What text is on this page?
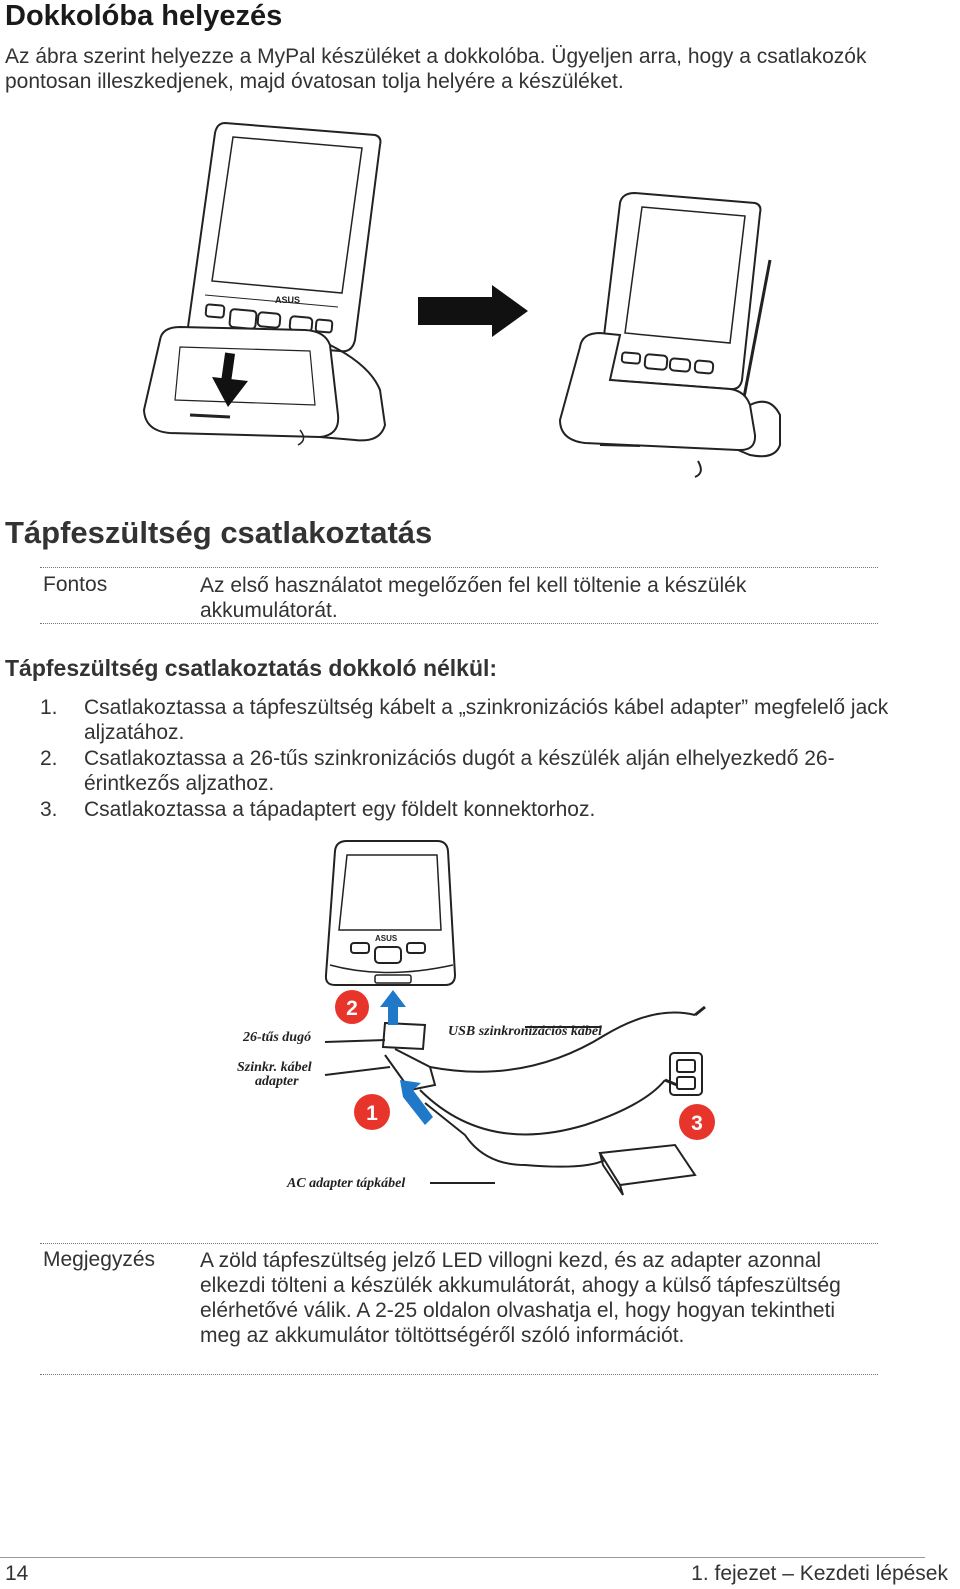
Dokkolóba helyezés
Az ábra szerint helyezze a MyPal készüléket a dokkolóba. Ügyeljen arra, hogy a csatlakozók pontosan illeszkedjenek, majd óvatosan tolja helyére a készüléket.
ASUS
Tápfeszültség csatlakoztatás
Fontos	Az első használatot megelőzően fel kell töltenie a készülék akkumulátorát.
Tápfeszültség csatlakoztatás dokkoló nélkül:
1. Csatlakoztassa a tápfeszültség kábelt a „szinkronizációs kábel adapter” megfelelő jack aljzatához.
2. Csatlakoztassa a 26-tűs szinkronizációs dugót a készülék alján elhelyezkedő 26-érintkezős aljzathoz.
3. Csatlakoztassa a tápadaptert egy földelt konnektorhoz.
ASUS
2
1	3
26-tűs dugó
Szinkr. kábel
adapter
USB szinkronizációs kábel
AC adapter tápkábel
Megjegyzés A zöld tápfeszültség jelző LED villogni kezd, és az adapter azonnal elkezdi tölteni a készülék akkumulátorát, ahogy a külső tápfeszültség elérhetővé válik. A 2-25 oldalon olvashatja el, hogy hogyan tekintheti meg az akkumulátor töltöttségéről szóló információt.
14	1. fejezet – Kezdeti lépések
